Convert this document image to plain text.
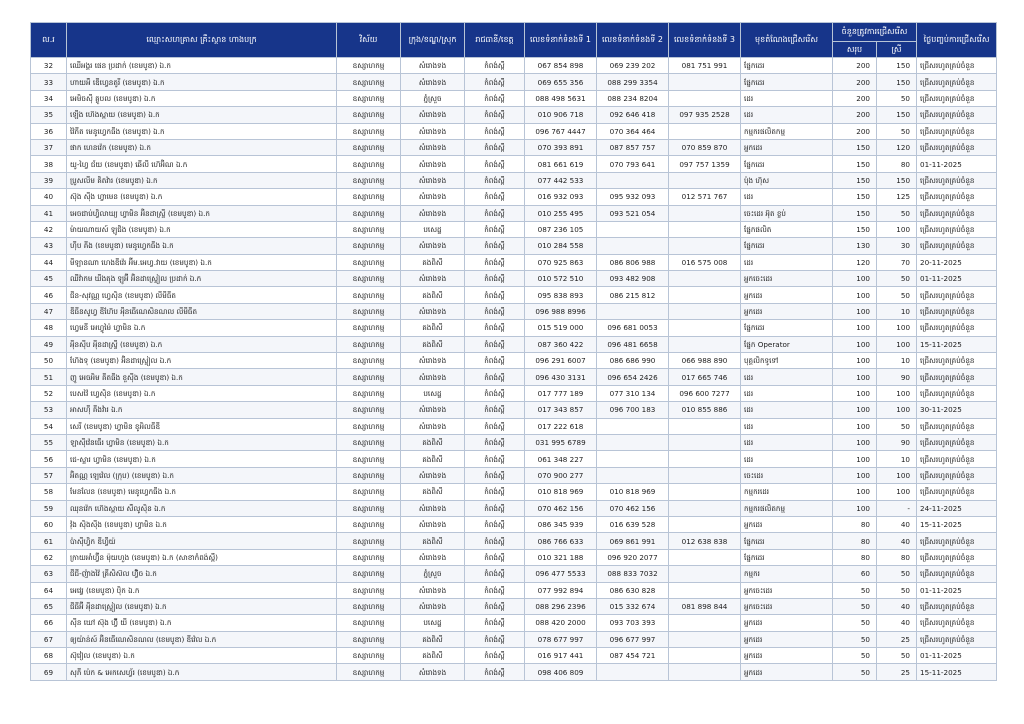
ល.រ	ឈ្មោះសហគ្រាស គ្រឹះស្ថាន ហាងបក្រ	វិស័យ	ក្រុង/ខណ្ឌ/ស្រុក	រាជធានី/ខេត្ត	លេខទំនាក់ទំនងទី 1	លេខទំនាក់ទំនងទី 2	លេខទំនាក់ទំនងទី 3	មុខតំណែងជ្រើសរើស	ចំនួនត្រូវការជ្រើសរើស		ថ្ងៃបញ្ចប់ការជ្រើសរើស
									សរុប	ស្រី	
32	ឈើអង្គរ ផេន ប្រដាក់ (ខេមបូឌា) ឯ.ក	ឧស្សាហកម្ម	សំរោងទង	កំពង់ស្ពឺ	067 854 898	069 239 202	081 751 991	ផ្នែកដេរ	200	150	ជ្រើសរហូតគ្រប់ចំនួន
33	ហាយអឺ ឌើហ្វេនតូរី (ខេមបូឌា) ឯ.ក	ឧស្សាហកម្ម	សំរោងទង	កំពង់ស្ពឺ	069 655 356	088 299 3354		ផ្នែកដេរ	200	150	ជ្រើសរហូតគ្រប់ចំនួន
34	អេមិចស៊ី គ្លូបល (ខេមបូឌា) ឯ.ក	ឧស្សាហកម្ម	ភ្នំស្រួច	កំពង់ស្ពឺ	088 498 5631	088 234 8204		ដេរ	200	50	ជ្រើសរហូតគ្រប់ចំនួន
35	ឡេីង ហ៊េងស្ពាយ (ខេមបូឌា) ឯ.ក	ឧស្សាហកម្ម	សំរោងទង	កំពង់ស្ពឺ	010 906 718	092 646 418	097 935 2528	ដេរ	200	150	ជ្រើសរហូតគ្រប់ចំនួន
36	វ៉ៃភីត មេនូហ្វេកធីង (ខេមបូឌា) ឯ.ក	ឧស្សាហកម្ម	សំរោងទង	កំពង់ស្ពឺ	096 767 4447	070 364 464		កម្មករផលិតកម្ម	200	50	ជ្រើសរហូតគ្រប់ចំនួន
37	ផាក ហេនវ៉េក (ខេមបូឌា) ឯ.ក	ឧស្សាហកម្ម	សំរោងទង	កំពង់ស្ពឺ	070 393 891	087 857 757	070 859 870	អ្នកដេរ	150	120	ជ្រើសរហូតគ្រប់ចំនួន
38	យូ-ហ្វៃ ជ័យ (ខេមបូឌា) ឆេីលី ហ៊េអ៊ិណ ឯ.ក	ឧស្សាហកម្ម	សំរោងទង	កំពង់ស្ពឺ	081 661 619	070 793 641	097 757 1359	ផ្នែកដេរ	150	80	01-11-2025
39	ប្រូសលីម គិតវ៉ារ (ខេមបូឌា) ឯ.ក	ឧស្សាហកម្ម	សំរោងទង	កំពង់ស្ពឺ	077 442 533			ប៉ុង ហ៊ុស	150	150	ជ្រើសរហូតគ្រប់ចំនួន
40	ស៊ុង ស៊ីង ហ្វាមេន (ខេមបូឌា) ឯ.ក	ឧស្សាហកម្ម	សំរោងទង	កំពង់ស្ពឺ	016 932 093	095 932 093	012 571 767	ដេរ	150	125	ជ្រើសរហូតគ្រប់ចំនួន
41	អេចជាប់ហ្វិលាឃ្យ ហ្វាមិន អ៊ិនដាស្ទ្រី (ខេមបូឌា) ឯ.ក	ឧស្សាហកម្ម	សំរោងទង	កំពង់ស្ពឺ	010 255 495	093 521 054		ចេះដេរ អ៊ុត ខ្ចប់	150	50	ជ្រើសរហូតគ្រប់ចំនួន
42	ម៉ាយណាយស៍ ឡូជិង (ខេមបូឌា) ឯ.ក	ឧស្សាហកម្ម	បសេដ្ឋ	កំពង់ស្ពឺ	087 236 105			ផ្នែកផលិត	150	100	ជ្រើសរហូតគ្រប់ចំនួន
43	ហ៊ីប គីង (ខេមបូឌា) មេនូហ្វេកធីង ឯ.ក	ឧស្សាហកម្ម	សំរោងទង	កំពង់ស្ពឺ	010 284 558			ផ្នែកដេរ	130	30	ជ្រើសរហូតគ្រប់ចំនួន
44	មីឡានណា ហេងឌីវ៉េរ អ៊ីម.អេហ្វ.វាយ (ខេមបូឌា) ឯ.ក	ឧស្សាហកម្ម	គងពិសី	កំពង់ស្ពឺ	070 925 863	086 806 988	016 575 008	ដេរ	120	70	20-11-2025
45	ឈីវ៉ាកម ឃីងតុង ឡូអ៊ី អ៊ិនដាស្ទ្រៀល ប្រដាក់ ឯ.ក	ឧស្សាហកម្ម	សំរោងទង	កំពង់ស្ពឺ	010 572 510	093 482 908		អ្នកចេះដេរ	100	50	01-11-2025
46	ជីន-សុវណ្ណ ហ្វេស៊ិន (ខេមបូឌា) លីមីធីត	ឧស្សាហកម្ម	គងពិសី	កំពង់ស្ពឺ	095 838 893	086 215 812		អ្នកដេរ	100	50	ជ្រើសរហូតគ្រប់ចំនួន
47	ឌីធីនសូហ្វ ឌីហ៊ែប អុីនធើណេសិនណល លីមីធីត	ឧស្សាហកម្ម	សំរោងទង	កំពង់ស្ពឺ	096 988 8996			អ្នកដេរ	100	10	ជ្រើសរហូតគ្រប់ចំនួន
48	ហ្វេមនី អេហ្វូម៉ៃ ហ្វាមិន ឯ.ក	ឧស្សាហកម្ម	គងពិសី	កំពង់ស្ពឺ	015 519 000	096 681 0053		ផ្នែកដេរ	100	100	ជ្រើសរហូតគ្រប់ចំនួន
49	អុីនស៊ីប អុីនដាស្ទ្រី (ខេមបូឌា) ឯ.ក	ឧស្សាហកម្ម	គងពិសី	កំពង់ស្ពឺ	087 360 422	096 481 6658		ផ្នែក Operator	100	100	15-11-2025
50	ហ៊ែងទុ (ខេមបូឌា) អ៊ិនដាស្ទ្រៀល ឯ.ក	ឧស្សាហកម្ម	សំរោងទង	កំពង់ស្ពឺ	096 291 6007	086 686 990	066 988 890	បុគ្គលិកទូទៅ	100	10	ជ្រើសរហូតគ្រប់ចំនួន
51	ញូ អេចអិម គីតធីង ខួស៊ីង (ខេមបូឌា) ឯ.ក	ឧស្សាហកម្ម	សំរោងទង	កំពង់ស្ពឺ	096 430 3131	096 654 2426	017 665 746	ដេរ	100	90	ជ្រើសរហូតគ្រប់ចំនួន
52	បេសវ៉ៃ ហ្វេស៊ិន (ខេមបូឌា) ឯ.ក	ឧស្សាហកម្ម	បសេដ្ឋ	កំពង់ស្ពឺ	017 777 189	077 310 134	096 600 7277	ដេរ	100	100	ជ្រើសរហូតគ្រប់ចំនួន
53	អាសហ៊ី គីងវ៉ារ ឯ.ក	ឧស្សាហកម្ម	សំរោងទង	កំពង់ស្ពឺ	017 343 857	096 700 183	010 855 886	ដេរ	100	100	30-11-2025
54	សេរី (ខេមបូឌា) ហ្វាមិន ខូអិលធីឌី	ឧស្សាហកម្ម	សំរោងទង	កំពង់ស្ពឺ	017 222 618			ដេរ	100	50	ជ្រើសរហូតគ្រប់ចំនួន
55	ឡាស៊ីវ៉េនធើរ ហ្វាមិន (ខេមបូឌា) ឯ.ក	ឧស្សាហកម្ម	គងពិសី	កំពង់ស្ពឺ	031 995 6789			ដេរ	100	90	ជ្រើសរហូតគ្រប់ចំនួន
56	ជេ-ស្ទារ ហ្វាមិន (ខេមបូឌា) ឯ.ក	ឧស្សាហកម្ម	គងពិសី	កំពង់ស្ពឺ	061 348 227			ដេរ	100	10	ជ្រើសរហូតគ្រប់ចំនួន
57	អ៊ិតណ្ណ ឡេវ៉េល (ក្រុប) (ខេមបូឌា) ឯ.ក	ឧស្សាហកម្ម	សំរោងទង	កំពង់ស្ពឺ	070 900 277			ចេះដេរ	100	100	ជ្រើសរហូតគ្រប់ចំនួន
58	មែនលែន (ខេមបូឌា) មេនូហ្វេកធីង ឯ.ក	ឧស្សាហកម្ម	គងពិសី	កំពង់ស្ពឺ	010 818 969	010 818 969		កម្មករដេរ	100	100	ជ្រើសរហូតគ្រប់ចំនួន
59	ឈុនវ៉េក ហ៊េងស្ពាយ សឺលូស៊ិន ឯ.ក	ឧស្សាហកម្ម	សំរោងទង	កំពង់ស្ពឺ	070 462 156	070 462 156		កម្មករផលិតកម្ម	100	-	24-11-2025
60	វ៉ុង ស៊ិងស៊ីង (ខេមបូឌា) ហ្វាមិន ឯ.ក	ឧស្សាហកម្ម	សំរោងទង	កំពង់ស្ពឺ	086 345 939	016 639 528		អ្នកដេរ	80	40	15-11-2025
61	ប៉ាស៊ីហ្វិក ឌីហ្វីយ៉	ឧស្សាហកម្ម	គងពិសី	កំពង់ស្ពឺ	086 766 633	069 861 991	012 638 838	ផ្នែកដេរ	80	40	ជ្រើសរហូតគ្រប់ចំនួន
62	ក្រាយអាំហ្វ៊ីន ម៉ុយហួង (ខេមបូឌា) ឯ.ក (សាខាកំពង់ស្ពឺ)	ឧស្សាហកម្ម	សំរោងទង	កំពង់ស្ពឺ	010 321 188	096 920 2077		ផ្នែកដេរ	80	80	ជ្រើសរហូតគ្រប់ចំនួន
63	ជីជី-ញ៉ាងវ៉ៃ គ្រីសិស៊ល ហ៊្វិច ឯ.ក	ឧស្សាហកម្ម	ភ្នំស្រួច	កំពង់ស្ពឺ	096 477 5533	088 833 7032		កម្មករ	60	50	ជ្រើសរហូតគ្រប់ចំនួន
64	អេវេរ្វ (ខេមបូឌា) ប៉ិក ឯ.ក	ឧស្សាហកម្ម	សំរោងទង	កំពង់ស្ពឺ	077 992 894	086 630 828		អ្នកចេះដេរ	50	50	01-11-2025
65	ជីធីអ៊ី អុីនដាស្ទ្រៀល (ខេមបូឌា) ឯ.ក	ឧស្សាហកម្ម	សំរោងទង	កំពង់ស្ពឺ	088 296 2396	015 332 674	081 898 844	អ្នកចេះដេរ	50	40	ជ្រើសរហូតគ្រប់ចំនួន
66	ស៊ីន ឃៅ ស៊ុង ហ៊្វី យី (ខេមបូឌា) ឯ.ក	ឧស្សាហកម្ម	បសេដ្ឋ	កំពង់ស្ពឺ	088 420 2000	093 703 393		អ្នកដេរ	50	40	ជ្រើសរហូតគ្រប់ចំនួន
67	ឲ្យយ៉ាន់ស៍ អ៊ិនធើណេសិនណល (ខេមបូឌា) ឌីវ៉េល ឯ.ក	ឧស្សាហកម្ម	គងពិសី	កំពង់ស្ពឺ	078 677 997	096 677 997		អ្នកដេរ	50	25	ជ្រើសរហូតគ្រប់ចំនួន
68	ស៊ុវៀល (ខេមបូឌា) ឯ.ក	ឧស្សាហកម្ម	គងពិសី	កំពង់ស្ពឺ	016 917 441	087 454 721		អ្នកដេរ	50	50	01-11-2025
69	សុភី ប៉េក & អេកសេហ្វ័រ (ខេមបូឌា) ឯ.ក	ឧស្សាហកម្ម	សំរោងទង	កំពង់ស្ពឺ	098 406 809			អ្នកដេរ	50	25	15-11-2025
